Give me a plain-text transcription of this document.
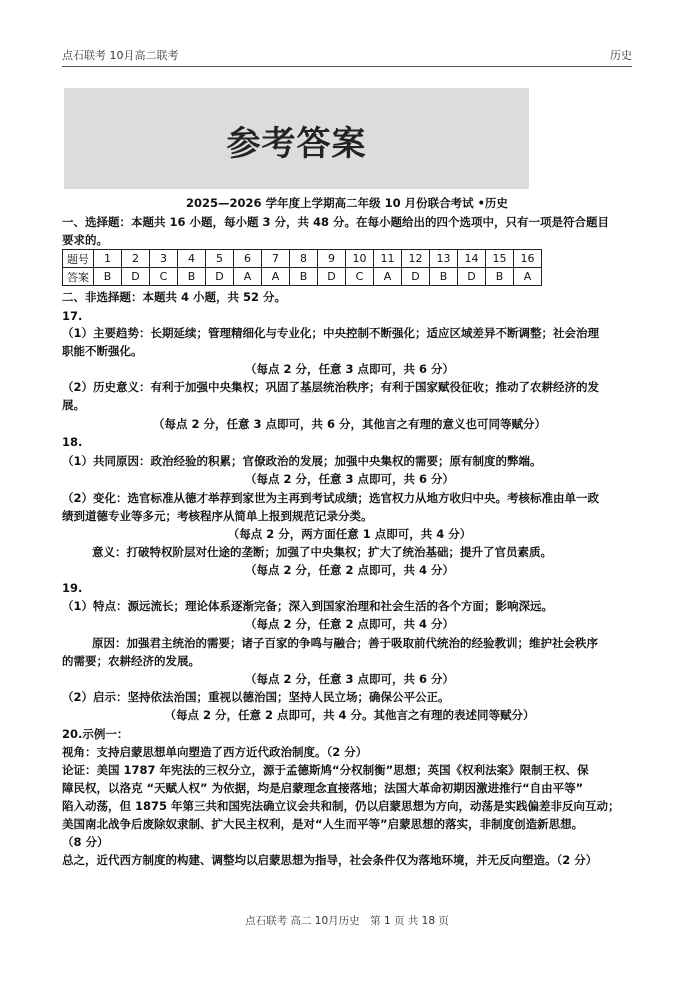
点石联考 10月高二联考	历史
参考答案
2025—2026 学年度上学期高二年级 10 月份联合考试 •历史
一、选择题：本题共 16 小题，每小题 3 分，共 48 分。在每小题给出的四个选项中，只有一项是符合题目
要求的。
题号	1	2	3	4	5	6	7	8	9	10	11	12	13	14	15	16
答案	B	D	C	B	D	A	A	B	D	C	A	D	B	D	B	A
二、非选择题：本题共 4 小题，共 52 分。
17.
（1）主要趋势：长期延续；管理精细化与专业化；中央控制不断强化；适应区域差异不断调整；社会治理
职能不断强化。
（每点 2 分，任意 3 点即可，共 6 分）
（2）历史意义：有利于加强中央集权；巩固了基层统治秩序；有利于国家赋役征收；推动了农耕经济的发
展。
（每点 2 分，任意 3 点即可，共 6 分，其他言之有理的意义也可同等赋分）
18.
（1）共同原因：政治经验的积累；官僚政治的发展；加强中央集权的需要；原有制度的弊端。
（每点 2 分，任意 3 点即可，共 6 分）
（2）变化：选官标准从德才举荐到家世为主再到考试成绩；选官权力从地方收归中央。考核标准由单一政
绩到道德专业等多元；考核程序从简单上报到规范记录分类。
（每点 2 分，两方面任意 1 点即可，共 4 分）
意义：打破特权阶层对仕途的垄断；加强了中央集权；扩大了统治基础；提升了官员素质。
（每点 2 分，任意 2 点即可，共 4 分）
19.
（1）特点：源远流长；理论体系逐渐完备；深入到国家治理和社会生活的各个方面；影响深远。
（每点 2 分，任意 2 点即可，共 4 分）
原因：加强君主统治的需要；诸子百家的争鸣与融合；善于吸取前代统治的经验教训；维护社会秩序
的需要；农耕经济的发展。
（每点 2 分，任意 3 点即可，共 6 分）
（2）启示：坚持依法治国；重视以德治国；坚持人民立场；确保公平公正。
（每点 2 分，任意 2 点即可，共 4 分。其他言之有理的表述同等赋分）
20.示例一：
视角：支持启蒙思想单向塑造了西方近代政治制度。（2 分）
论证：美国 1787 年宪法的三权分立，源于孟德斯鸠“分权制衡”思想；英国《权利法案》限制王权、保
障民权，以洛克 “天赋人权” 为依据，均是启蒙理念直接落地；法国大革命初期因激进推行“自由平等”
陷入动荡，但 1875 年第三共和国宪法确立议会共和制，仍以启蒙思想为方向，动荡是实践偏差非反向互动；
美国南北战争后废除奴隶制、扩大民主权利，是对“人生而平等”启蒙思想的落实，非制度创造新思想。
（8 分）
总之，近代西方制度的构建、调整均以启蒙思想为指导，社会条件仅为落地环境，并无反向塑造。（2 分）
点石联考 高二 10月历史　第 1 页 共 18 页
